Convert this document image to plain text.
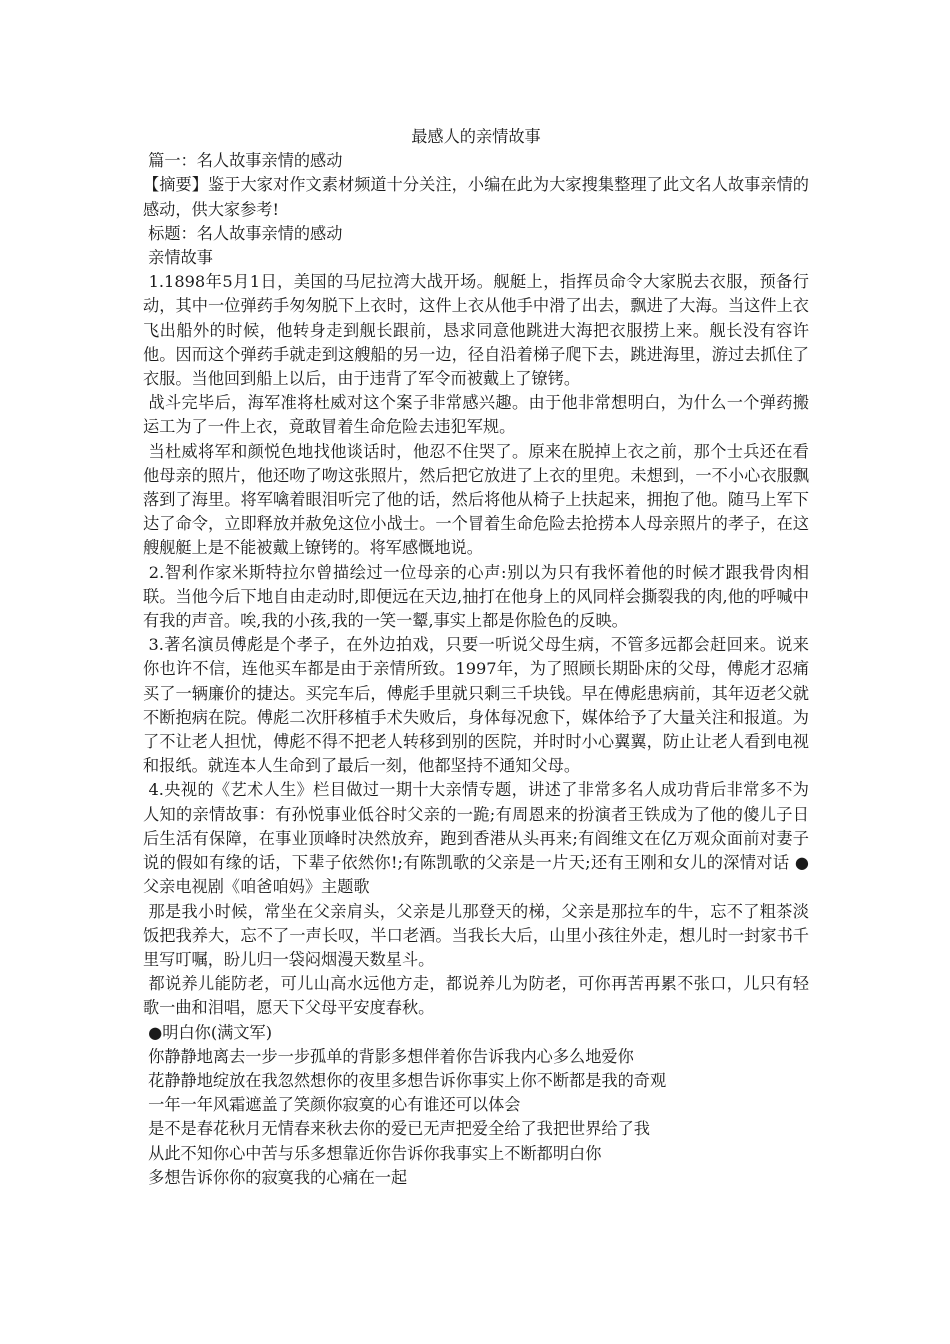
最感人的亲情故事

篇一：名人故事亲情的感动

【摘要】鉴于大家对作文素材频道十分关注，小编在此为大家搜集整理了此文名人故事亲情的感动，供大家参考!

标题：名人故事亲情的感动

亲情故事

1.1898年5月1日，美国的马尼拉湾大战开场。舰艇上，指挥员命令大家脱去衣服，预备行动，其中一位弹药手匆匆脱下上衣时，这件上衣从他手中滑了出去，飘进了大海。当这件上衣飞出船外的时候，他转身走到舰长跟前，恳求同意他跳进大海把衣服捞上来。舰长没有容许他。因而这个弹药手就走到这艘船的另一边，径自沿着梯子爬下去，跳进海里，游过去抓住了衣服。当他回到船上以后，由于违背了军令而被戴上了镣铐。

战斗完毕后，海军准将杜威对这个案子非常感兴趣。由于他非常想明白，为什么一个弹药搬运工为了一件上衣，竟敢冒着生命危险去违犯军规。

当杜威将军和颜悦色地找他谈话时，他忍不住哭了。原来在脱掉上衣之前，那个士兵还在看他母亲的照片，他还吻了吻这张照片，然后把它放进了上衣的里兜。未想到，一不小心衣服飘落到了海里。将军噙着眼泪听完了他的话，然后将他从椅子上扶起来，拥抱了他。随马上军下达了命令，立即释放并赦免这位小战士。一个冒着生命危险去抢捞本人母亲照片的孝子，在这艘舰艇上是不能被戴上镣铐的。将军感慨地说。

2.智利作家米斯特拉尔曾描绘过一位母亲的心声:别以为只有我怀着他的时候才跟我骨肉相联。当他今后下地自由走动时,即便远在天边,抽打在他身上的风同样会撕裂我的肉,他的呼喊中有我的声音。唉,我的小孩,我的一笑一颦,事实上都是你脸色的反映。

3.著名演员傅彪是个孝子，在外边拍戏，只要一听说父母生病，不管多远都会赶回来。说来你也许不信，连他买车都是由于亲情所致。1997年，为了照顾长期卧床的父母，傅彪才忍痛买了一辆廉价的捷达。买完车后，傅彪手里就只剩三千块钱。早在傅彪患病前，其年迈老父就不断抱病在院。傅彪二次肝移植手术失败后，身体每况愈下，媒体给予了大量关注和报道。为了不让老人担忧，傅彪不得不把老人转移到别的医院，并时时小心翼翼，防止让老人看到电视和报纸。就连本人生命到了最后一刻，他都坚持不通知父母。

4.央视的《艺术人生》栏目做过一期十大亲情专题，讲述了非常多名人成功背后非常多不为人知的亲情故事：有孙悦事业低谷时父亲的一跪;有周恩来的扮演者王铁成为了他的傻儿子日后生活有保障，在事业顶峰时决然放弃，跑到香港从头再来;有阎维文在亿万观众面前对妻子说的假如有缘的话，下辈子依然你!;有陈凯歌的父亲是一片天;还有王刚和女儿的深情对话 ●父亲电视剧《咱爸咱妈》主题歌

那是我小时候，常坐在父亲肩头，父亲是儿那登天的梯，父亲是那拉车的牛，忘不了粗茶淡饭把我养大，忘不了一声长叹，半口老酒。当我长大后，山里小孩往外走，想儿时一封家书千里写叮嘱，盼儿归一袋闷烟漫天数星斗。

都说养儿能防老，可儿山高水远他方走，都说养儿为防老，可你再苦再累不张口，儿只有轻歌一曲和泪唱，愿天下父母平安度春秋。

●明白你(满文军)

你静静地离去一步一步孤单的背影多想伴着你告诉我内心多么地爱你

花静静地绽放在我忽然想你的夜里多想告诉你事实上你不断都是我的奇观

一年一年风霜遮盖了笑颜你寂寞的心有谁还可以体会

是不是春花秋月无情春来秋去你的爱已无声把爱全给了我把世界给了我

从此不知你心中苦与乐多想靠近你告诉你我事实上不断都明白你

多想告诉你你的寂寞我的心痛在一起
